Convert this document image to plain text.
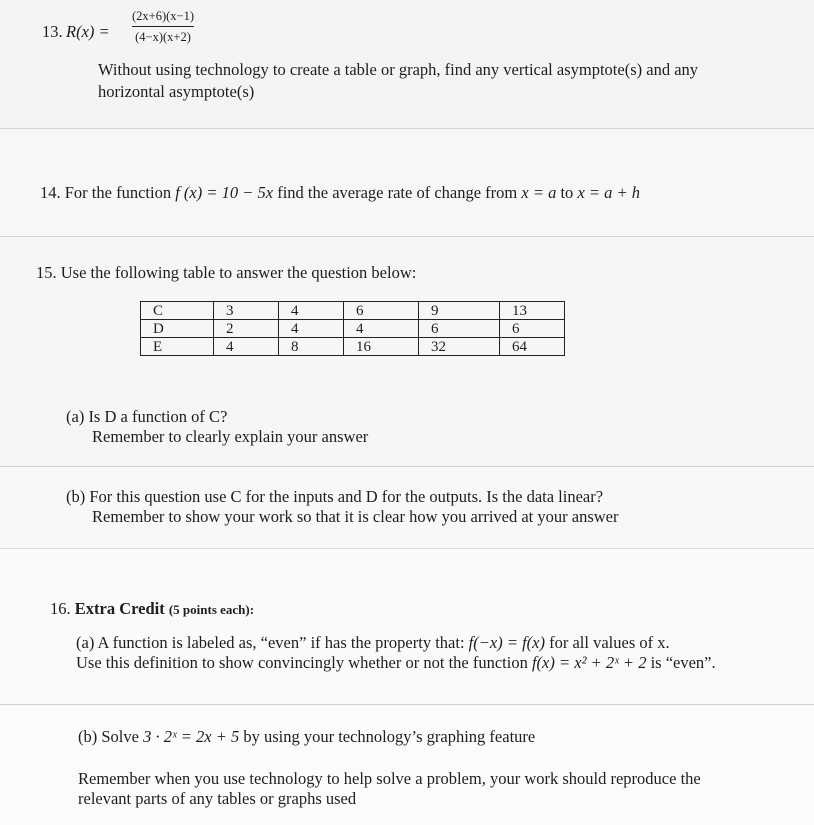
13. R(x) =
(2x+6)(x−1)
(4−x)(x+2)
Without using technology to create a table or graph, find any vertical asymptote(s) and any
horizontal asymptote(s)
14. For the function f (x) = 10 − 5x find the average rate of change from x = a to x = a + h
15. Use the following table to answer the question below:
C	3	4	6	9	13
D	2	4	4	6	6
E	4	8	16	32	64
(a) Is D a function of C?
Remember to clearly explain your answer
(b) For this question use C for the inputs and D for the outputs. Is the data linear?
Remember to show your work so that it is clear how you arrived at your answer
16. Extra Credit (5 points each):
(a) A function is labeled as, “even” if has the property that: f(−x) = f(x) for all values of x.
Use this definition to show convincingly whether or not the function f(x) = x² + 2ˣ + 2 is “even”.
(b) Solve 3 · 2ˣ = 2x + 5 by using your technology’s graphing feature
Remember when you use technology to help solve a problem, your work should reproduce the
relevant parts of any tables or graphs used
